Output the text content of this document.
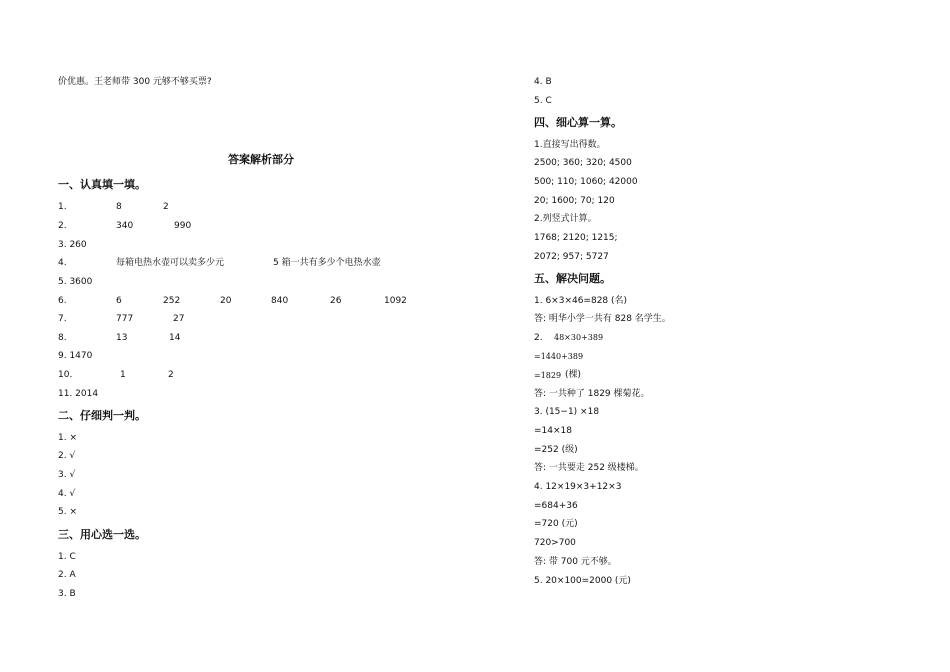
价优惠。王老师带 300 元够不够买票?
答案解析部分
一、认真填一填。
1.	8	2
2.	340	990
3. 260
4.	每箱电热水壶可以卖多少元	5 箱一共有多少个电热水壶
5. 3600
6.	6	252	20	840	26	1092
7.	777	27
8.	13	14
9. 1470
10.	1	2
11. 2014
二、仔细判一判。
1. ×
2. √
3. √
4. √
5. ×
三、用心选一选。
1. C
2. A
3. B
4. B
5. C
四、细心算一算。
1.直接写出得数。
2500; 360; 320; 4500
500; 110; 1060; 42000
20; 1600; 70; 120
2.列竖式计算。
1768; 2120; 1215;
2072; 957; 5727
五、解决问题。
1. 6×3×46=828 (名)
答: 明华小学一共有 828 名学生。
2. 48×30+389
=1440+389
=1829 (棵)
答: 一共种了 1829 棵菊花。
3. (15−1) ×18
=14×18
=252 (级)
答: 一共要走 252 级楼梯。
4. 12×19×3+12×3
=684+36
=720 (元)
720>700
答: 带 700 元不够。
5. 20×100=2000 (元)
